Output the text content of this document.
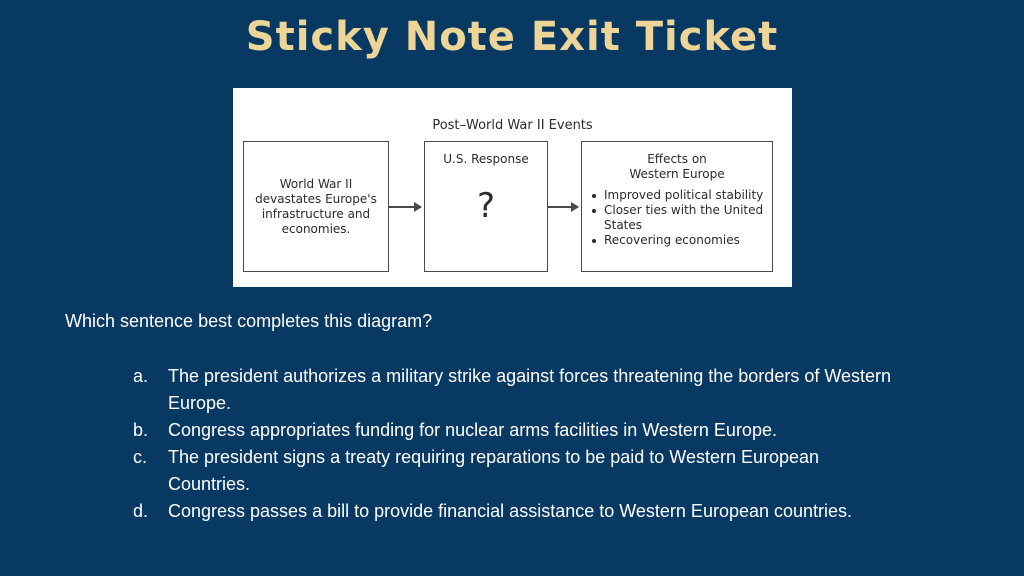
Sticky Note Exit Ticket
Post–World War II Events
World War II devastates Europe's infrastructure and economies.
U.S. Response
?
Effects on
Western Europe
Improved political stability
Closer ties with the United States
Recovering economies
Which sentence best completes this diagram?
a.	The president authorizes a military strike against forces threatening the borders of Western Europe.
b.	Congress appropriates funding for nuclear arms facilities in Western Europe.
c.	The president signs a treaty requiring reparations to be paid to Western European Countries.
d.	Congress passes a bill to provide financial assistance to Western European countries.
